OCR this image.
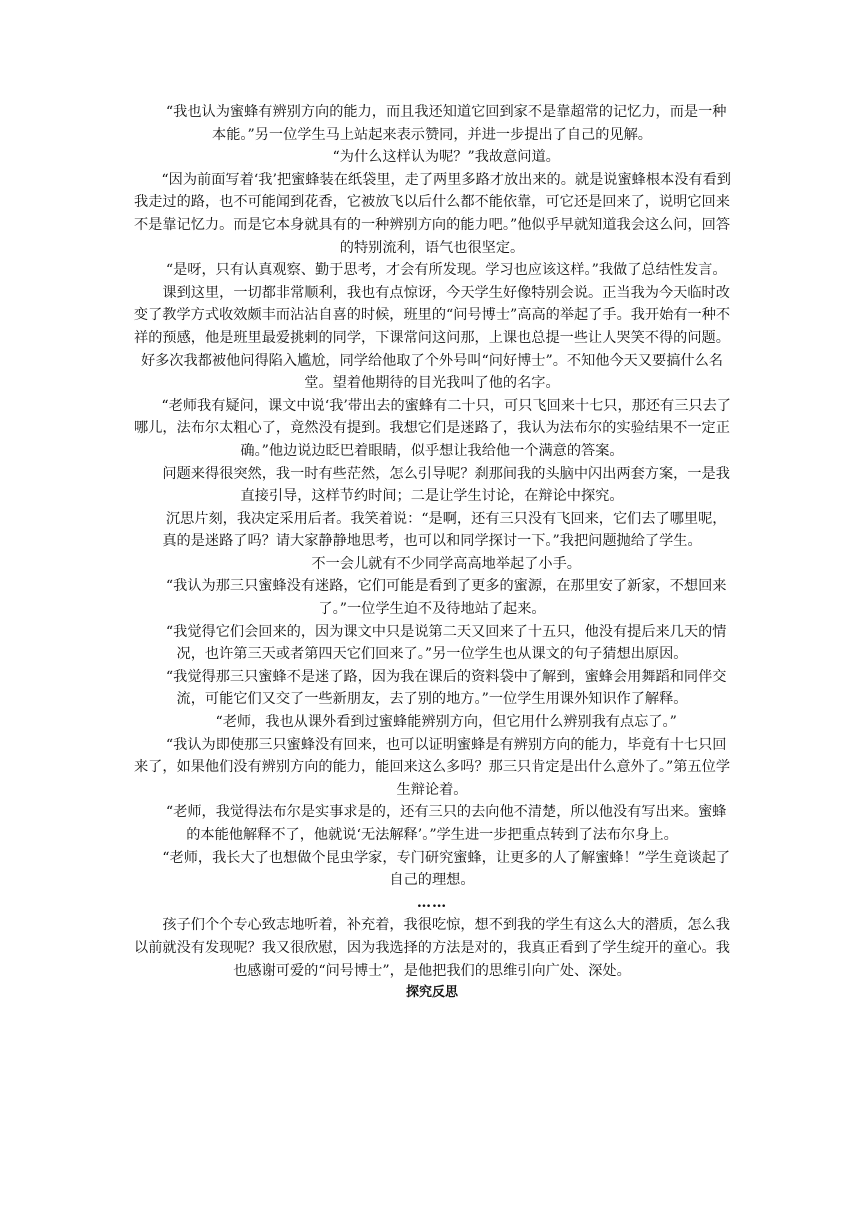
　　“我也认为蜜蜂有辨别方向的能力，而且我还知道它回到家不是靠超常的记忆力，而是一种本能。”另一位学生马上站起来表示赞同，并进一步提出了自己的见解。

　　“为什么这样认为呢？”我故意问道。

　　“因为前面写着‘我’把蜜蜂装在纸袋里，走了两里多路才放出来的。就是说蜜蜂根本没有看到我走过的路，也不可能闻到花香，它被放飞以后什么都不能依靠，可它还是回来了，说明它回来不是靠记忆力。而是它本身就具有的一种辨别方向的能力吧。”他似乎早就知道我会这么问，回答的特别流利，语气也很坚定。

　　“是呀，只有认真观察、勤于思考，才会有所发现。学习也应该这样。”我做了总结性发言。

　　课到这里，一切都非常顺利，我也有点惊讶，今天学生好像特别会说。正当我为今天临时改变了教学方式收效颇丰而沾沾自喜的时候，班里的“问号博士”高高的举起了手。我开始有一种不祥的预感，他是班里最爱挑剌的同学，下课常问这问那，上课也总提一些让人哭笑不得的问题。好多次我都被他问得陷入尴尬，同学给他取了个外号叫“问好博士”。不知他今天又要搞什么名堂。望着他期待的目光我叫了他的名字。

　　“老师我有疑问，课文中说‘我’带出去的蜜蜂有二十只，可只飞回来十七只，那还有三只去了哪儿，法布尔太粗心了，竟然没有提到。我想它们是迷路了，我认为法布尔的实验结果不一定正确。”他边说边眨巴着眼睛，似乎想让我给他一个满意的答案。

　　问题来得很突然，我一时有些茫然，怎么引导呢？刹那间我的头脑中闪出两套方案，一是我直接引导，这样节约时间；二是让学生讨论，在辩论中探究。

　　沉思片刻，我决定采用后者。我笑着说：“是啊，还有三只没有飞回来，它们去了哪里呢，真的是迷路了吗？请大家静静地思考，也可以和同学探讨一下。”我把问题抛给了学生。

　　不一会儿就有不少同学高高地举起了小手。

　　“我认为那三只蜜蜂没有迷路，它们可能是看到了更多的蜜源，在那里安了新家，不想回来了。”一位学生迫不及待地站了起来。

　　“我觉得它们会回来的，因为课文中只是说第二天又回来了十五只，他没有提后来几天的情况，也许第三天或者第四天它们回来了。”另一位学生也从课文的句子猜想出原因。

　　“我觉得那三只蜜蜂不是迷了路，因为我在课后的资料袋中了解到，蜜蜂会用舞蹈和同伴交流，可能它们又交了一些新朋友，去了别的地方。”一位学生用课外知识作了解释。

　　“老师，我也从课外看到过蜜蜂能辨别方向，但它用什么辨别我有点忘了。”

　　“我认为即使那三只蜜蜂没有回来，也可以证明蜜蜂是有辨别方向的能力，毕竟有十七只回来了，如果他们没有辨别方向的能力，能回来这么多吗？那三只肯定是出什么意外了。”第五位学生辩论着。

　　“老师，我觉得法布尔是实事求是的，还有三只的去向他不清楚，所以他没有写出来。蜜蜂的本能他解释不了，他就说‘无法解释’。”学生进一步把重点转到了法布尔身上。

　　“老师，我长大了也想做个昆虫学家，专门研究蜜蜂，让更多的人了解蜜蜂！”学生竟谈起了自己的理想。

……

　　孩子们个个专心致志地听着，补充着，我很吃惊，想不到我的学生有这么大的潜质，怎么我以前就没有发现呢？我又很欣慰，因为我选择的方法是对的，我真正看到了学生绽开的童心。我也感谢可爱的“问号博士”，是他把我们的思维引向广处、深处。

探究反思
